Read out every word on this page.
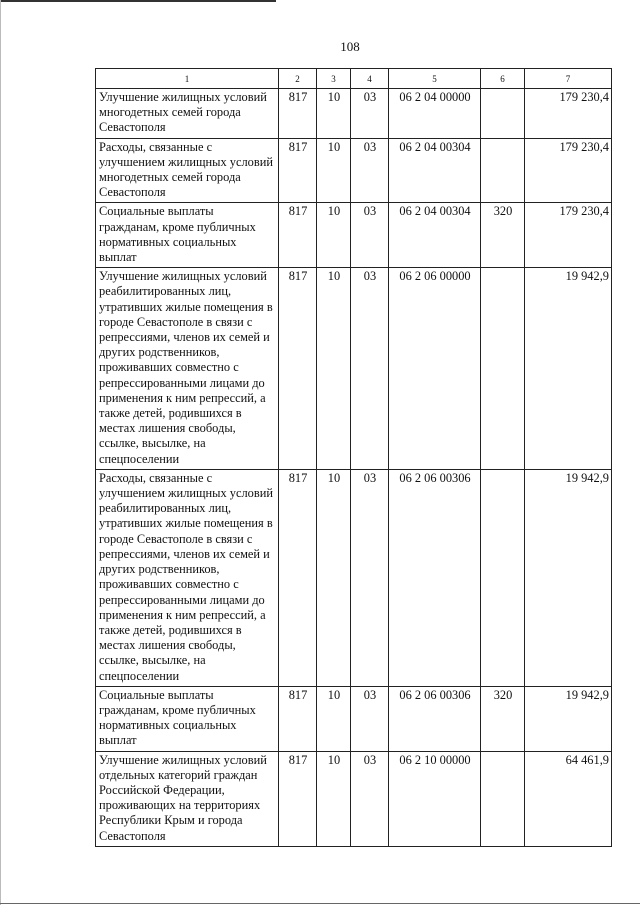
108
1	2	3	4	5	6	7
Улучшение жилищных условий многодетных семей города Севастополя	817	10	03	06 2 04 00000		179 230,4
Расходы, связанные с улучшением жилищных условий многодетных семей города Севастополя	817	10	03	06 2 04 00304		179 230,4
Социальные выплаты гражданам, кроме публичных нормативных социальных выплат	817	10	03	06 2 04 00304	320	179 230,4
Улучшение жилищных условий реабилитированных лиц, утративших жилые помещения в городе Севастополе в связи с репрессиями, членов их семей и других родственников, проживавших совместно с репрессированными лицами до применения к ним репрессий, а также детей, родившихся в местах лишения свободы, ссылке, высылке, на спецпоселении	817	10	03	06 2 06 00000		19 942,9
Расходы, связанные с улучшением жилищных условий реабилитированных лиц, утративших жилые помещения в городе Севастополе в связи с репрессиями, членов их семей и других родственников, проживавших совместно с репрессированными лицами до применения к ним репрессий, а также детей, родившихся в местах лишения свободы, ссылке, высылке, на спецпоселении	817	10	03	06 2 06 00306		19 942,9
Социальные выплаты гражданам, кроме публичных нормативных социальных выплат	817	10	03	06 2 06 00306	320	19 942,9
Улучшение жилищных условий отдельных категорий граждан Российской Федерации, проживающих на территориях Республики Крым и города Севастополя	817	10	03	06 2 10 00000		64 461,9
